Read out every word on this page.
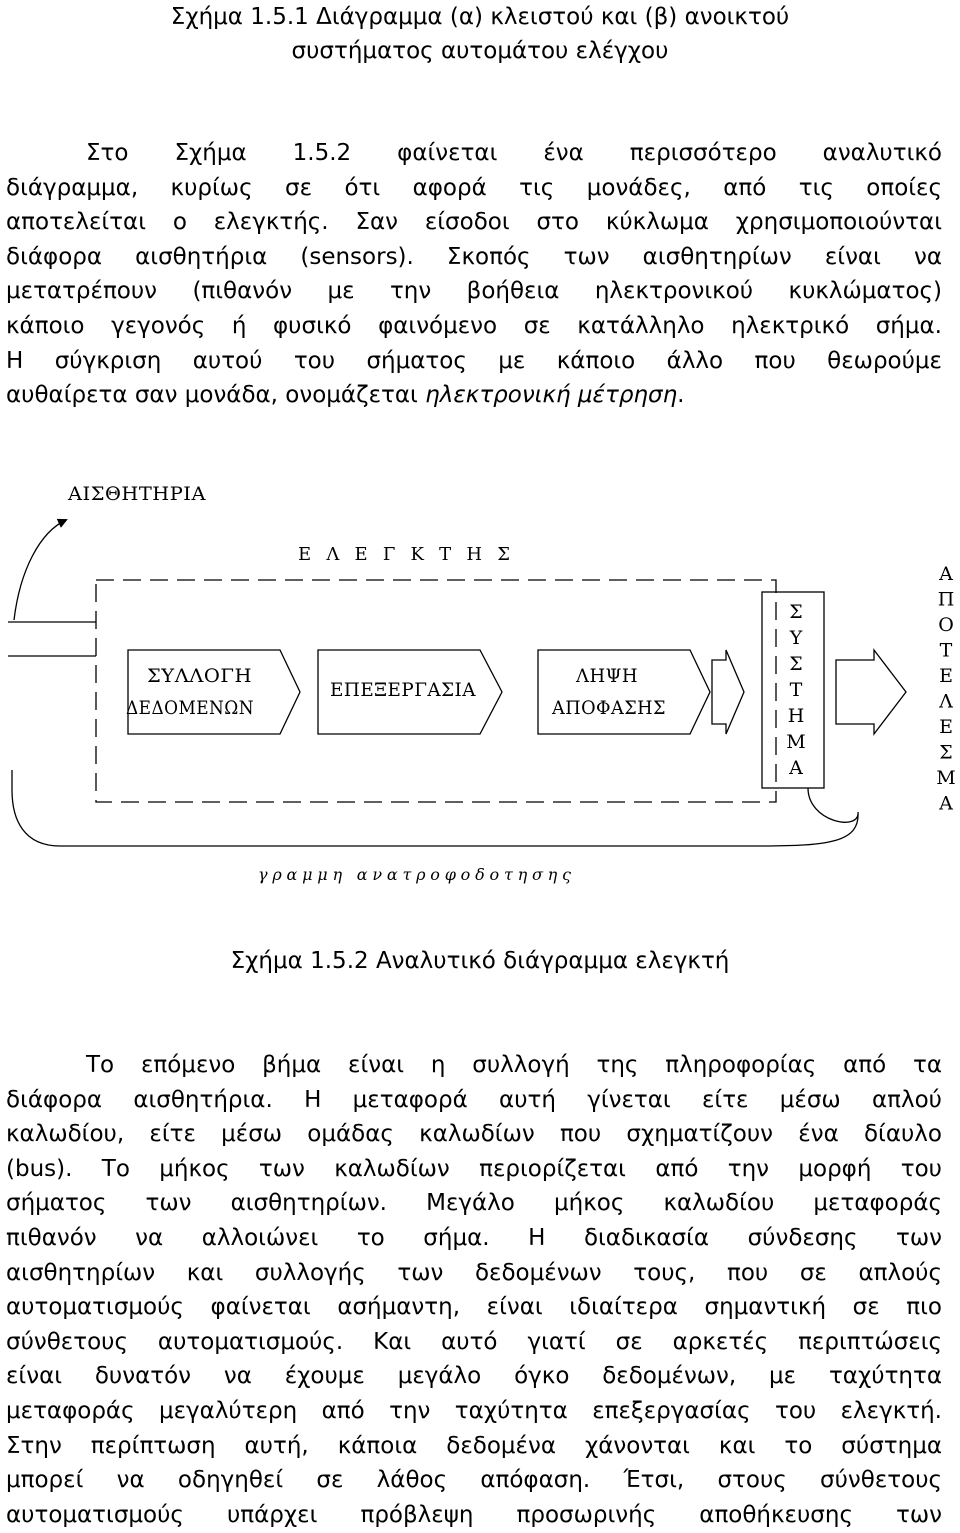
Σχήμα 1.5.1 Διάγραμμα (α) κλειστού και (β) ανοικτού
συστήματος αυτομάτου ελέγχου
Στο Σχήμα 1.5.2 φαίνεται ένα περισσότερο αναλυτικό
διάγραμμα, κυρίως σε ότι αφορά τις μονάδες, από τις οποίες
αποτελείται ο ελεγκτής. Σαν είσοδοι στο κύκλωμα χρησιμοποιούνται
διάφορα αισθητήρια (sensors). Σκοπός των αισθητηρίων είναι να
μετατρέπουν (πιθανόν με την βοήθεια ηλεκτρονικού κυκλώματος)
κάποιο γεγονός ή φυσικό φαινόμενο σε κατάλληλο ηλεκτρικό σήμα.
Η σύγκριση αυτού του σήματος με κάποιο άλλο που θεωρούμε
αυθαίρετα σαν μονάδα, ονομάζεται ηλεκτρονική μέτρηση.
ΑΙΣΘΗΤΗΡΙΑ
Ε Λ Ε Γ Κ Τ Η Σ
ΣΥΛΛΟΓΗ
ΔΕΔΟΜΕΝΩΝ
ΕΠΕΞΕΡΓΑΣΙΑ
ΛΗΨΗ
ΑΠΟΦΑΣΗΣ
Σ
Υ
Σ
Τ
Η
Μ
Α
Α
Π
Ο
Τ
Ε
Λ
Ε
Σ
Μ
Α
γραμμη ανατροφοδοτησης
Σχήμα 1.5.2 Αναλυτικό διάγραμμα ελεγκτή
Το επόμενο βήμα είναι η συλλογή της πληροφορίας από τα
διάφορα αισθητήρια. Η μεταφορά αυτή γίνεται είτε μέσω απλού
καλωδίου, είτε μέσω ομάδας καλωδίων που σχηματίζουν ένα δίαυλο
(bus). Το μήκος των καλωδίων περιορίζεται από την μορφή του
σήματος των αισθητηρίων. Μεγάλο μήκος καλωδίου μεταφοράς
πιθανόν να αλλοιώνει το σήμα. Η διαδικασία σύνδεσης των
αισθητηρίων και συλλογής των δεδομένων τους, που σε απλούς
αυτοματισμούς φαίνεται ασήμαντη, είναι ιδιαίτερα σημαντική σε πιο
σύνθετους αυτοματισμούς. Και αυτό γιατί σε αρκετές περιπτώσεις
είναι δυνατόν να έχουμε μεγάλο όγκο δεδομένων, με ταχύτητα
μεταφοράς μεγαλύτερη από την ταχύτητα επεξεργασίας του ελεγκτή.
Στην περίπτωση αυτή, κάποια δεδομένα χάνονται και το σύστημα
μπορεί να οδηγηθεί σε λάθος απόφαση. Έτσι, στους σύνθετους
αυτοματισμούς υπάρχει πρόβλεψη προσωρινής αποθήκευσης των
